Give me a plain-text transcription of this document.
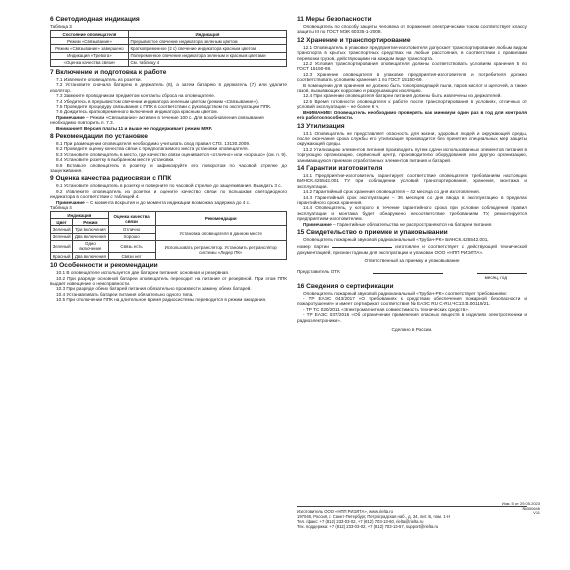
6 Светодиодная индикация
Таблица 3
Состояние оповещателя	Индикация
Режим «Связывание»	Прерывистое свечение индикатора зеленым цветом
Режим «Связывание» завершено	Кратковременное (2 с) свечение индикатора красным цветом
Индикация «Тревога»	Попеременное свечение индикатора зеленым и красным цветами
«Оценка качества связи»	См. таблицу 4
7 Включение и подготовка к работе
7.1 Извлеките оповещатель из розетки.
7.2 Установите сначала батарею в держатель (8), а затем батарею в держатель (7) или удалите изолятор.
7.3 Замкните проводником предметом контакты сброса на оповещателе.
7.4 Убедитесь в прерывистом свечении индикатора зеленым цветом (режим «Связывание»).
7.5 Проведите процедуру связывания с ППК в соответствии с руководством по эксплуатации ППК.
7.6 Дождитесь кратковременного включения индикатора красным цветом.
Примечание – Режим «Связывание» активен в течение 100 с. Для возобновления связывания необходимо повторить п. 7.3.
Внимание!! Версия платы 11 и выше не поддерживает режим MRF.
8 Рекомендации по установке
8.1 При размещении оповещателя необходимо учитывать свод правил СП3. 13130.2009.
8.2 Проведите оценку качества связи с предполагаемого места установки оповещателя.
8.3 Установите оповещатель в место, где качество связи оценивается «отлично» или «хорошо» (см. п. 9).
8.4 Установите розетку в выбранном месте установки.
8.5 Вставьте оповещатель в розетку и зафиксируйте его поворотом по часовой стрелке до защелкивания.
9 Оценка качества радиосвязи с ППК
9.1 Установите оповещатель в розетку и поверните по часовой стрелке до защелкивания. Выждать 3 с.
9.2 Извлеките оповещатель из розетки и оцените качество связи по вспышкам светодиодного индикатора в соответствии с таблицей 4.
Примечание – С момента вскрытия и до момента индикации возможна задержка до 4 с.
Таблица 4
Индикация		Оценка качества связи	Рекомендации
Цвет	Режим		
Зеленый	Три включения	Отлично	Установка оповещателя в данном месте
Зеленый	Два включения	Хорошо	
Зеленый	Одно включение	Связь есть	Использовать ретранслятор. Установить ретранслятор системы «Лидер ПК»
Красный	Два включения	Связи нет	
10 Особенности и рекомендации
10.1 В оповещателе используется две батареи питания: основная и резервная.
10.2 При разряде основной батареи оповещатель переходит на питание от резервной. При этом ППК выдает извещение о неисправности.
10.3 При разряде обеих батарей питания обязательно произвести замену обеих батарей.
10.4 Устанавливать батареи питания обязательно одного типа.
10.5 При отключении ППК на длительное время радиосистемы переводится в режим ожидания.
11 Меры безопасности
Оповещатель по способу защиты человека от поражения электрическим током соответствует классу защиты III по ГОСТ МЭК 60335-1-2008.
12 Хранение и транспортирование
12.1 Оповещатель в упаковке предприятия-изготовителя допускает транспортирование любым видом транспорта в крытых транспортных средствах на любые расстояния, в соответствии с правилами перевозки грузов, действующими на каждом виде транспорта.
12.2 Условия транспортирования оповещателя должны соответствовать условиям хранения 5 по ГОСТ 15150-69.
12.3 Хранение оповещателя в упаковке предприятия-изготовителя и потребителя должно соответствовать условиям хранения 1 по ГОСТ 15150-69.
В помещении для хранения не должно быть токопроводящей пыли, паров кислот и щелочей, а также газов, вызывающих коррозию и разрушающих изоляцию.
12.4 При хранении оповещателя батареи питания должны быть извлечены из держателей.
12.5 Время готовности оповещателя к работе после транспортирования в условиях, отличных от условий эксплуатации – не более 6 ч.
ВНИМАНИЕ! Оповещатель необходимо проверять как минимум один раз в год для контроля его работоспособности.
13 Утилизация
13.1 Оповещатель не представляет опасность для жизни, здоровья людей и окружающей среды, после окончания срока службы его утилизация производится без принятия специальных мер защиты окружающей среды.
13.2 Утилизацию элементов питания производить путем сдачи использованных элементов питания в торгующую организацию, сервисный центр, производителю оборудования или другую организацию, занимающуюся приемом отработанных элементов питания и батарей.
14 Гарантии изготовителя
14.1 Предприятие-изготовитель гарантирует соответствие оповещателя требованиям настоящих БИНСК.425542.001 ТУ при соблюдении условий транспортирования, хранения, монтажа и эксплуатации.
14.2 Гарантийный срок хранения оповещателя – 42 месяца со дня изготовления.
14.3 Гарантийный срок эксплуатации – 36 месяцев со дня ввода в эксплуатацию в пределах гарантийного срока хранения.
14.4 Оповещатель, у которого в течение гарантийного срока при условии соблюдения правил эксплуатации и монтажа будет обнаружено несоответствие требованиям ТУ, ремонтируется предприятием-изготовителем.
Примечание – Гарантийные обязательства не распространяются на батареи питания.
15 Свидетельство о приемке и упаковывании
Оповещатель пожарный звуковой радиоканальный «Трубач-РК» БИНСК.425542.001,
номер партии	изготовлен и соответствует с действующей технической документацией, признан годным для эксплуатации и упакован ООО «НПП РИЭЛТА».
Ответственный за приемку и упаковывание
Представитель ОТК
месяц, год
16 Сведения о сертификации
Оповещатель пожарный звуковой радиоканальный «Трубач-РК» соответствует требованиям:
- ТР ЕАЭС 043/2017 «О требованиях к средствам обеспечения пожарной безопасности и пожаротушения» и имеет сертификат соответствия № ЕАЭС RU C-RU.ЧС13.В.00119/21.
- ТР ТС 020/2011 «Электромагнитная совместимость технических средств».
- ТР ЕАЭС 037/2016 «Об ограничении применения опасных веществ в изделиях электротехники и радиоэлектроники».
Сделано в России.
Изм. 5 от 29.05.2023
№300646
V11
Изготовитель ООО «НПП РИЭЛТА», www.rielta.ru
197046, Россия, г. Санкт-Петербург, Петроградская наб., д. 34, лит. Б, пом. 1-Н
Тел. /факс: +7 (812) 233-03-02, +7 (812) 703-13-60, rielta@rielta.ru
Тех. поддержка: +7 (812) 233-03-02, +7 (812) 703-13-57, support@rielta.ru
